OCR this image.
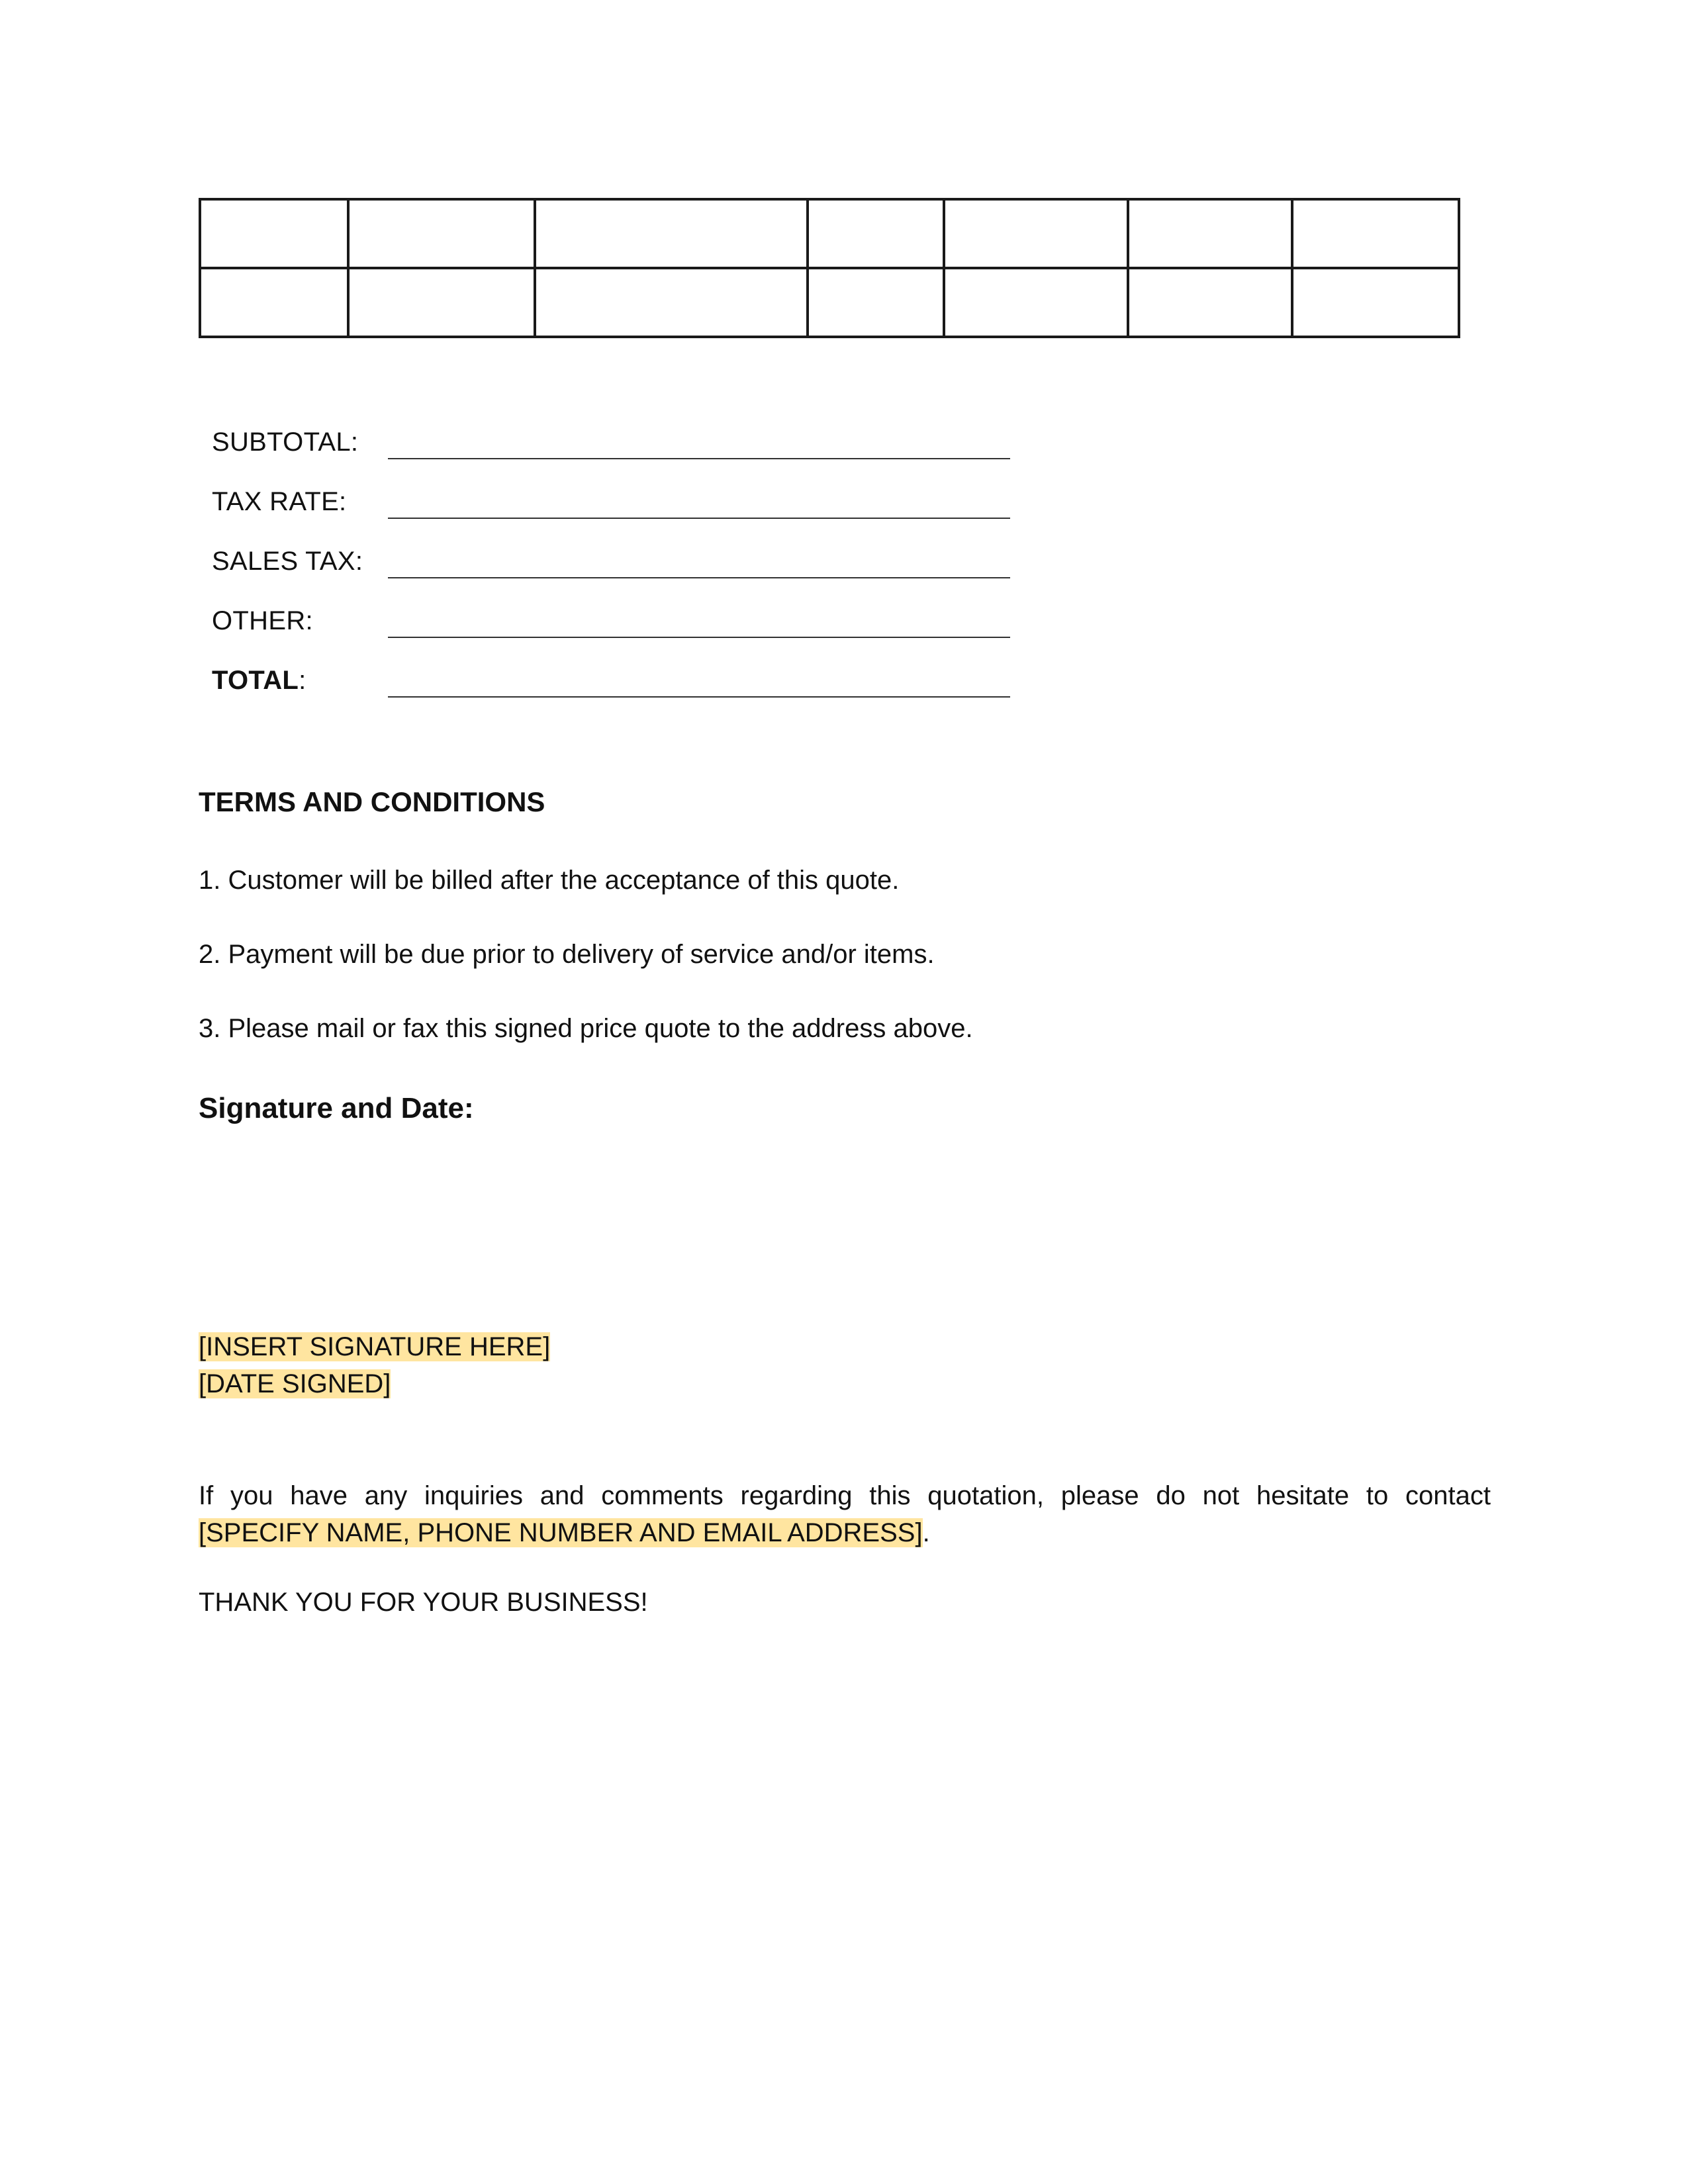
SUBTOTAL:
TAX RATE:
SALES TAX:
OTHER:
TOTAL:
TERMS AND CONDITIONS

1. Customer will be billed after the acceptance of this quote.

2. Payment will be due prior to delivery of service and/or items.

3. Please mail or fax this signed price quote to the address above.

Signature and Date:

[INSERT SIGNATURE HERE]

[DATE SIGNED]

If you have any inquiries and comments regarding this quotation, please do not hesitate to contact
[SPECIFY NAME, PHONE NUMBER AND EMAIL ADDRESS].

THANK YOU FOR YOUR BUSINESS!
